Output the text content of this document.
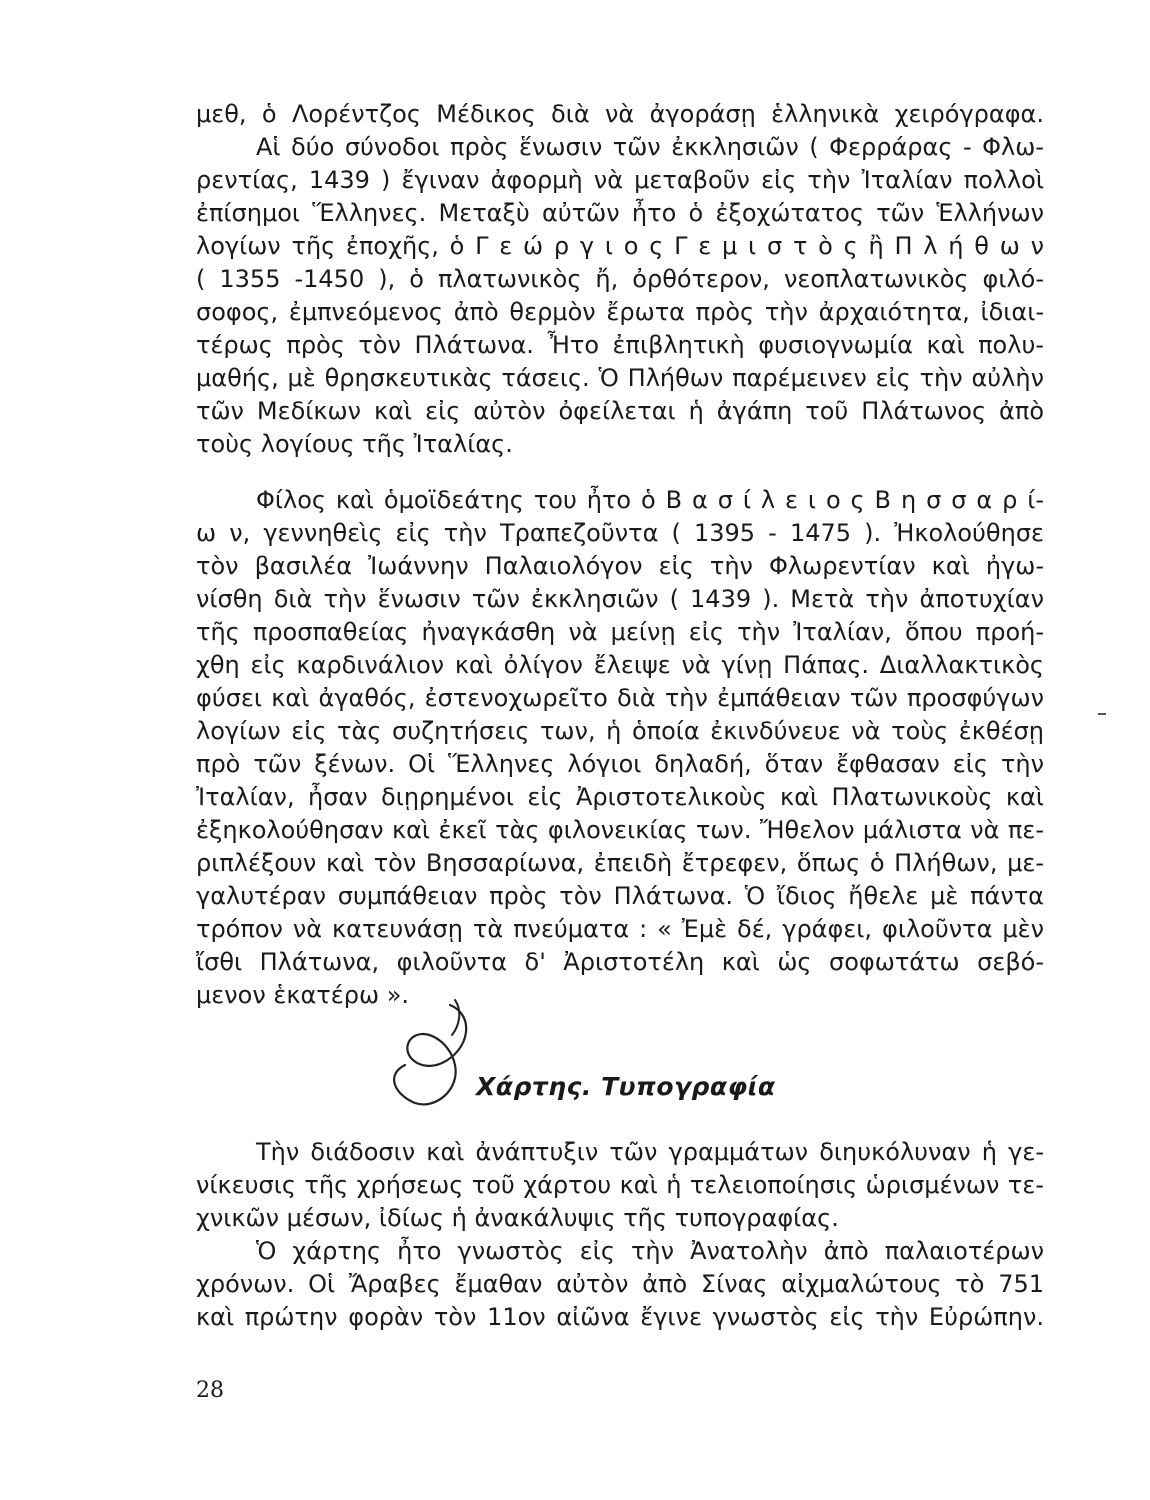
μεθ, ὁ Λορέντζος Μέδικος διὰ νὰ ἀγοράσῃ ἑλληνικὰ χειρόγραφα.
Αἱ δύο σύνοδοι πρὸς ἕνωσιν τῶν ἐκκλησιῶν ( Φερράρας - Φλω-
ρεντίας, 1439 ) ἔγιναν ἀφορμὴ νὰ μεταβοῦν εἰς τὴν Ἰταλίαν πολλοὶ
ἐπίσημοι Ἕλληνες. Μεταξὺ αὐτῶν ἦτο ὁ ἐξοχώτατος τῶν Ἑλλήνων
λογίων τῆς ἐποχῆς, ὁ Γ ε ώ ρ γ ι ο ς Γ ε μ ι σ τ ὸ ς ἢ Π λ ή θ ω ν
( 1355 -1450 ), ὁ πλατωνικὸς ἤ, ὀρθότερον, νεοπλατωνικὸς φιλό-
σοφος, ἐμπνεόμενος ἀπὸ θερμὸν ἔρωτα πρὸς τὴν ἀρχαιότητα, ἰδιαι-
τέρως πρὸς τὸν Πλάτωνα. Ἦτο ἐπιβλητικὴ φυσιογνωμία καὶ πολυ-
μαθής, μὲ θρησκευτικὰς τάσεις. Ὁ Πλήθων παρέμεινεν εἰς τὴν αὐλὴν
τῶν Μεδίκων καὶ εἰς αὐτὸν ὀφείλεται ἡ ἀγάπη τοῦ Πλάτωνος ἀπὸ
τοὺς λογίους τῆς Ἰταλίας.
Φίλος καὶ ὁμοϊδεάτης του ἦτο ὁ Β α σ ί λ ε ι ο ς Β η σ σ α ρ ί-
ω ν, γεννηθεὶς εἰς τὴν Τραπεζοῦντα ( 1395 - 1475 ). Ἠκολούθησε
τὸν βασιλέα Ἰωάννην Παλαιολόγον εἰς τὴν Φλωρεντίαν καὶ ἠγω-
νίσθη διὰ τὴν ἕνωσιν τῶν ἐκκλησιῶν ( 1439 ). Μετὰ τὴν ἀποτυχίαν
τῆς προσπαθείας ἠναγκάσθη νὰ μείνῃ εἰς τὴν Ἰταλίαν, ὅπου προή-
χθη εἰς καρδινάλιον καὶ ὀλίγον ἔλειψε νὰ γίνῃ Πάπας. Διαλλακτικὸς
φύσει καὶ ἀγαθός, ἐστενοχωρεῖτο διὰ τὴν ἐμπάθειαν τῶν προσφύγων
λογίων εἰς τὰς συζητήσεις των, ἡ ὁποία ἐκινδύνευε νὰ τοὺς ἐκθέσῃ
πρὸ τῶν ξένων. Οἱ Ἕλληνες λόγιοι δηλαδή, ὅταν ἔφθασαν εἰς τὴν
Ἰταλίαν, ἦσαν διῃρημένοι εἰς Ἀριστοτελικοὺς καὶ Πλατωνικοὺς καὶ
ἐξηκολούθησαν καὶ ἐκεῖ τὰς φιλονεικίας των. Ἤθελον μάλιστα νὰ πε-
ριπλέξουν καὶ τὸν Βησσαρίωνα, ἐπειδὴ ἔτρεφεν, ὅπως ὁ Πλήθων, με-
γαλυτέραν συμπάθειαν πρὸς τὸν Πλάτωνα. Ὁ ἴδιος ἤθελε μὲ πάντα
τρόπον νὰ κατευνάσῃ τὰ πνεύματα : « Ἐμὲ δέ, γράφει, φιλοῦντα μὲν
ἴσθι Πλάτωνα, φιλοῦντα δ' Ἀριστοτέλη καὶ ὡς σοφωτάτω σεβό-
μενον ἑκατέρω ».
Χάρτης. Τυπογραφία
Τὴν διάδοσιν καὶ ἀνάπτυξιν τῶν γραμμάτων διηυκόλυναν ἡ γε-
νίκευσις τῆς χρήσεως τοῦ χάρτου καὶ ἡ τελειοποίησις ὡρισμένων τε-
χνικῶν μέσων, ἰδίως ἡ ἀνακάλυψις τῆς τυπογραφίας.
Ὁ χάρτης ἦτο γνωστὸς εἰς τὴν Ἀνατολὴν ἀπὸ παλαιοτέρων
χρόνων. Οἱ Ἄραβες ἔμαθαν αὐτὸν ἀπὸ Σίνας αἰχμαλώτους τὸ 751
καὶ πρώτην φορὰν τὸν 11ον αἰῶνα ἔγινε γνωστὸς εἰς τὴν Εὐρώπην.
28
